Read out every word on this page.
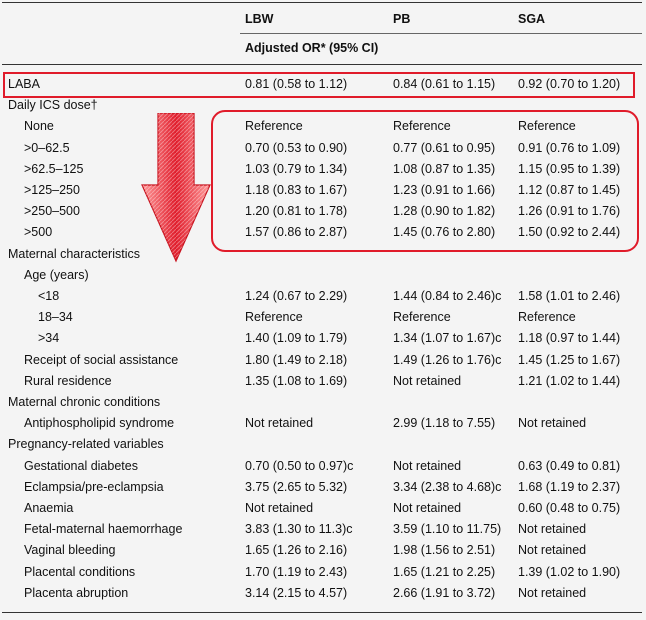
LBW	PB	SGA
Adjusted OR* (95% CI)
LABA	0.81 (0.58 to 1.12)	0.84 (0.61 to 1.15) 0.92 (0.70 to 1.20)
Daily ICS dose†
None	Reference	Reference	Reference
>0–62.5	0.70 (0.53 to 0.90)	0.77 (0.61 to 0.95) 0.91 (0.76 to 1.09)
>62.5–125	1.03 (0.79 to 1.34)	1.08 (0.87 to 1.35) 1.15 (0.95 to 1.39)
>125–250	1.18 (0.83 to 1.67)	1.23 (0.91 to 1.66) 1.12 (0.87 to 1.45)
>250–500	1.20 (0.81 to 1.78)	1.28 (0.90 to 1.82) 1.26 (0.91 to 1.76)
>500	1.57 (0.86 to 2.87)	1.45 (0.76 to 2.80) 1.50 (0.92 to 2.44)
Maternal characteristics
Age (years)
<18	1.24 (0.67 to 2.29)	1.44 (0.84 to 2.46)c 1.58 (1.01 to 2.46)
18–34	Reference	Reference	Reference
>34	1.40 (1.09 to 1.79)	1.34 (1.07 to 1.67)c 1.18 (0.97 to 1.44)
Receipt of social assistance	1.80 (1.49 to 2.18)	1.49 (1.26 to 1.76)c 1.45 (1.25 to 1.67)
Rural residence	1.35 (1.08 to 1.69)	Not retained	1.21 (1.02 to 1.44)
Maternal chronic conditions
Antiphospholipid syndrome	Not retained	2.99 (1.18 to 7.55) Not retained
Pregnancy-related variables
Gestational diabetes	0.70 (0.50 to 0.97)c	Not retained	0.63 (0.49 to 0.81)
Eclampsia/pre-eclampsia	3.75 (2.65 to 5.32)	3.34 (2.38 to 4.68)c 1.68 (1.19 to 2.37)
Anaemia	Not retained	Not retained	0.60 (0.48 to 0.75)
Fetal-maternal haemorrhage	3.83 (1.30 to 11.3)c	3.59 (1.10 to 11.75) Not retained
Vaginal bleeding	1.65 (1.26 to 2.16)	1.98 (1.56 to 2.51) Not retained
Placental conditions	1.70 (1.19 to 2.43)	1.65 (1.21 to 2.25) 1.39 (1.02 to 1.90)
Placenta abruption	3.14 (2.15 to 4.57)	2.66 (1.91 to 3.72) Not retained
